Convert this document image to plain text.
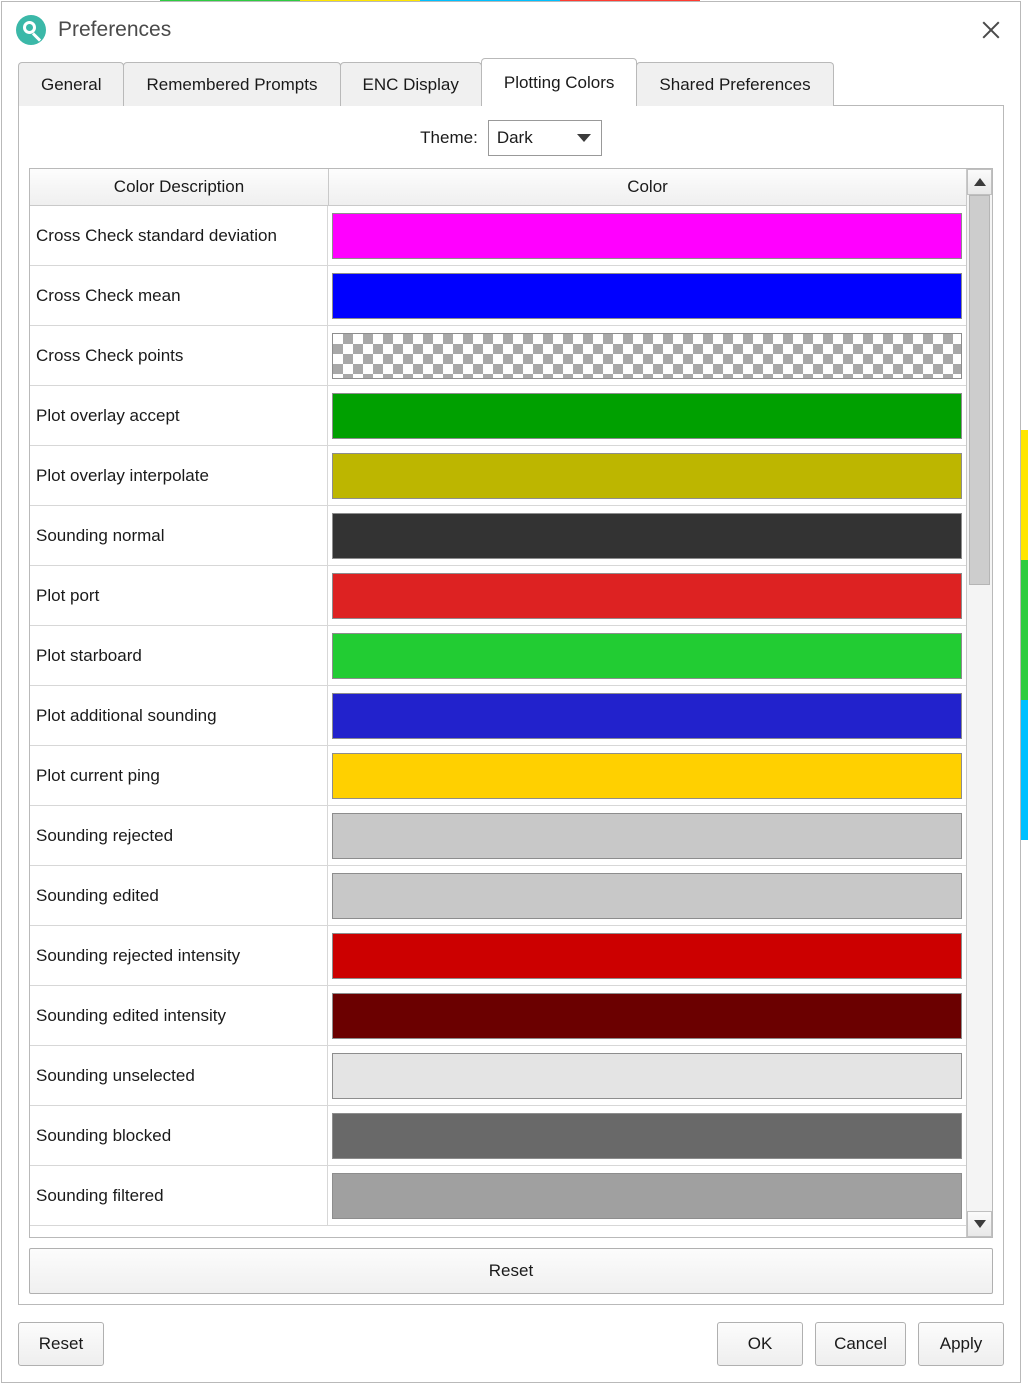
Preferences
General	Remembered Prompts	ENC Display	Plotting Colors	Shared Preferences
Theme: Dark
Color Description	Color
Cross Check standard deviation
Cross Check mean
Cross Check points
Plot overlay accept
Plot overlay interpolate
Sounding normal
Plot port
Plot starboard
Plot additional sounding
Plot current ping
Sounding rejected
Sounding edited
Sounding rejected intensity
Sounding edited intensity
Sounding unselected
Sounding blocked
Sounding filtered
Reset
Reset	OK	Cancel	Apply
